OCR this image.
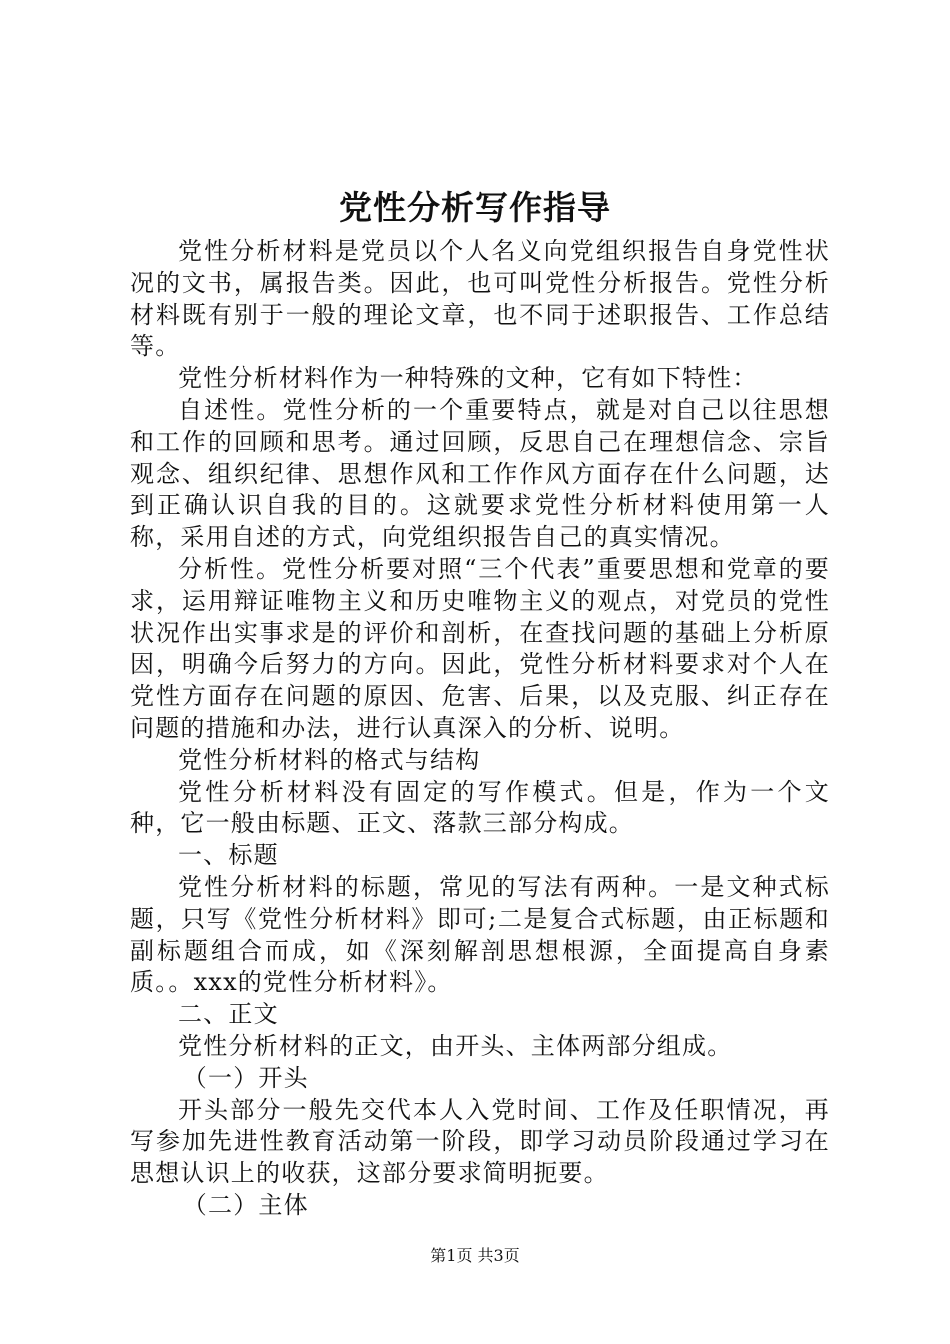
党性分析写作指导

党性分析材料是党员以个人名义向党组织报告自身党性状况的文书，属报告类。因此，也可叫党性分析报告。党性分析材料既有别于一般的理论文章，也不同于述职报告、工作总结等。

党性分析材料作为一种特殊的文种，它有如下特性：

自述性。党性分析的一个重要特点，就是对自己以往思想和工作的回顾和思考。通过回顾，反思自己在理想信念、宗旨观念、组织纪律、思想作风和工作作风方面存在什么问题，达到正确认识自我的目的。这就要求党性分析材料使用第一人称，采用自述的方式，向党组织报告自己的真实情况。

分析性。党性分析要对照“三个代表”重要思想和党章的要求，运用辩证唯物主义和历史唯物主义的观点，对党员的党性状况作出实事求是的评价和剖析，在查找问题的基础上分析原因，明确今后努力的方向。因此，党性分析材料要求对个人在党性方面存在问题的原因、危害、后果，以及克服、纠正存在问题的措施和办法，进行认真深入的分析、说明。

党性分析材料的格式与结构

党性分析材料没有固定的写作模式。但是，作为一个文种，它一般由标题、正文、落款三部分构成。

一、标题

党性分析材料的标题，常见的写法有两种。一是文种式标题，只写《党性分析材料》即可;二是复合式标题，由正标题和副标题组合而成，如《深刻解剖思想根源，全面提高自身素质。。xxx的党性分析材料》。

二、正文

党性分析材料的正文，由开头、主体两部分组成。

（一）开头

开头部分一般先交代本人入党时间、工作及任职情况，再写参加先进性教育活动第一阶段，即学习动员阶段通过学习在思想认识上的收获，这部分要求简明扼要。

（二）主体

第1页 共3页
